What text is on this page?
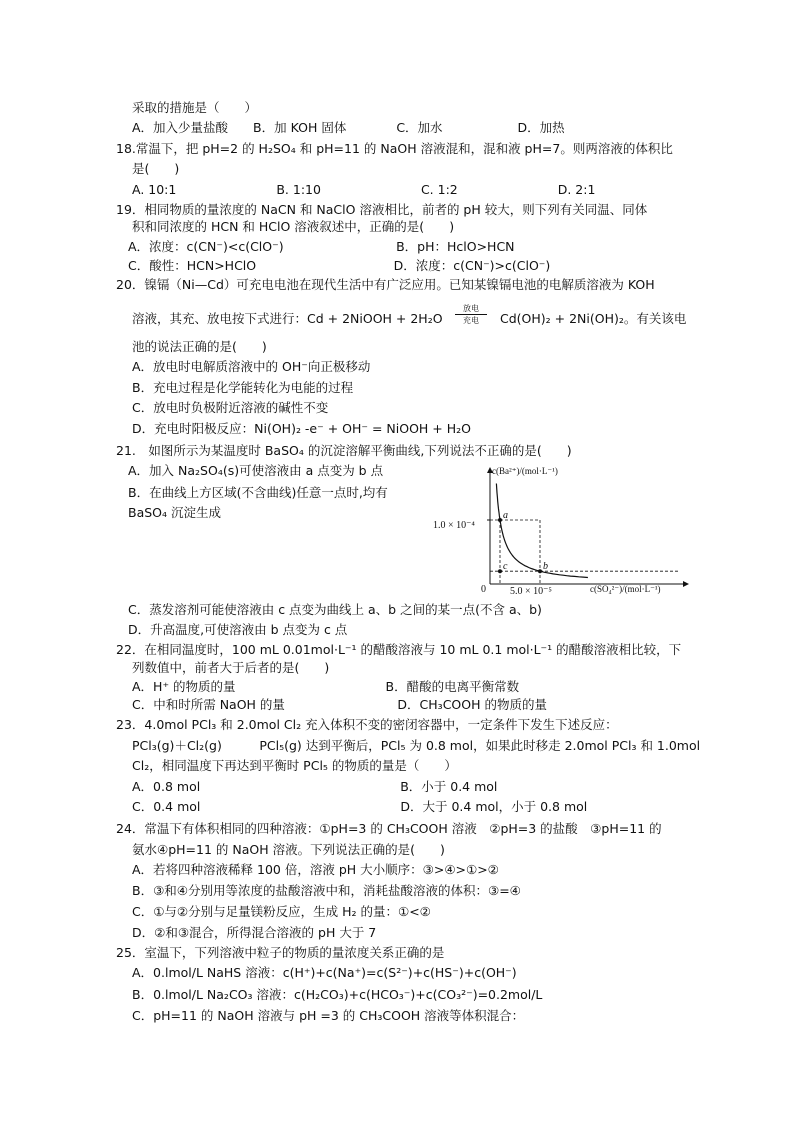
采取的措施是（　　）
A．加入少量盐酸　　B．加 KOH 固体　　　　C．加水　　　　　　D．加热
18.常温下，把 pH=2 的 H₂SO₄ 和 pH=11 的 NaOH 溶液混和，混和液 pH=7。则两溶液的体积比
是(　　)
A. 10:1　　　　　　　　B. 1:10　　　　　　　　C. 1:2　　　　　　　　D. 2:1
19．相同物质的量浓度的 NaCN 和 NaClO 溶液相比，前者的 pH 较大，则下列有关同温、同体
积和同浓度的 HCN 和 HClO 溶液叙述中，正确的是(　　)
A．浓度：c(CN⁻)<c(ClO⁻)　　　　　　　　　B．pH：HclO>HCN
C．酸性：HCN>HClO　　　　　　　　　　　D．浓度：c(CN⁻)>c(ClO⁻)
20．镍镉（Ni—Cd）可充电电池在现代生活中有广泛应用。已知某镍镉电池的电解质溶液为 KOH
溶液，其充、放电按下式进行：Cd + 2NiOOH + 2H₂O	Cd(OH)₂ + 2Ni(OH)₂。有关该电
池的说法正确的是(　　)
A．放电时电解质溶液中的 OH⁻向正极移动
B．充电过程是化学能转化为电能的过程
C．放电时负极附近溶液的碱性不变
D．充电时阳极反应：Ni(OH)₂ -e⁻ + OH⁻ = NiOOH + H₂O
21.　如图所示为某温度时 BaSO₄ 的沉淀溶解平衡曲线,下列说法不正确的是(　　)
A．加入 Na₂SO₄(s)可使溶液由 a 点变为 b 点
B．在曲线上方区域(不含曲线)任意一点时,均有
BaSO₄ 沉淀生成
C．蒸发溶剂可能使溶液由 c 点变为曲线上 a、b 之间的某一点(不含 a、b)
D．升高温度,可使溶液由 b 点变为 c 点
22．在相同温度时，100 mL 0.01mol·L⁻¹ 的醋酸溶液与 10 mL 0.1 mol·L⁻¹ 的醋酸溶液相比较，下
列数值中，前者大于后者的是(　　)
A．H⁺ 的物质的量　　　　　　　　　　　　B．醋酸的电离平衡常数
C．中和时所需 NaOH 的量　　　　　　　　　D．CH₃COOH 的物质的量
23．4.0mol PCl₃ 和 2.0mol Cl₂ 充入体积不变的密闭容器中，一定条件下发生下述反应：
PCl₃(g)＋Cl₂(g)　　　PCl₅(g) 达到平衡后，PCl₅ 为 0.8 mol，如果此时移走 2.0mol PCl₃ 和 1.0mol
Cl₂，相同温度下再达到平衡时 PCl₅ 的物质的量是（　　）
A．0.8 mol　　　　　　　　　　　　　　　　B．小于 0.4 mol
C．0.4 mol　　　　　　　　　　　　　　　　D．大于 0.4 mol，小于 0.8 mol
24．常温下有体积相同的四种溶液：①pH=3 的 CH₃COOH 溶液　②pH=3 的盐酸　③pH=11 的
氨水④pH=11 的 NaOH 溶液。下列说法正确的是(　　)
A．若将四种溶液稀释 100 倍，溶液 pH 大小顺序：③>④>①>②
B．③和④分别用等浓度的盐酸溶液中和，消耗盐酸溶液的体积：③=④
C．①与②分别与足量镁粉反应，生成 H₂ 的量：①<②
D．②和③混合，所得混合溶液的 pH 大于 7
25．室温下，下列溶液中粒子的物质的量浓度关系正确的是
A．0.lmol/L NaHS 溶液：c(H⁺)+c(Na⁺)=c(S²⁻)+c(HS⁻)+c(OH⁻)
B．0.lmol/L Na₂CO₃ 溶液：c(H₂CO₃)+c(HCO₃⁻)+c(CO₃²⁻)=0.2mol/L
C．pH=11 的 NaOH 溶液与 pH =3 的 CH₃COOH 溶液等体积混合：
放电
充电
c(Ba²⁺)/(mol·L⁻¹)
c(SO₄²⁻)/(mol·L⁻¹)
0
1.0 × 10⁻⁴
5.0 × 10⁻⁵
a
b
c
